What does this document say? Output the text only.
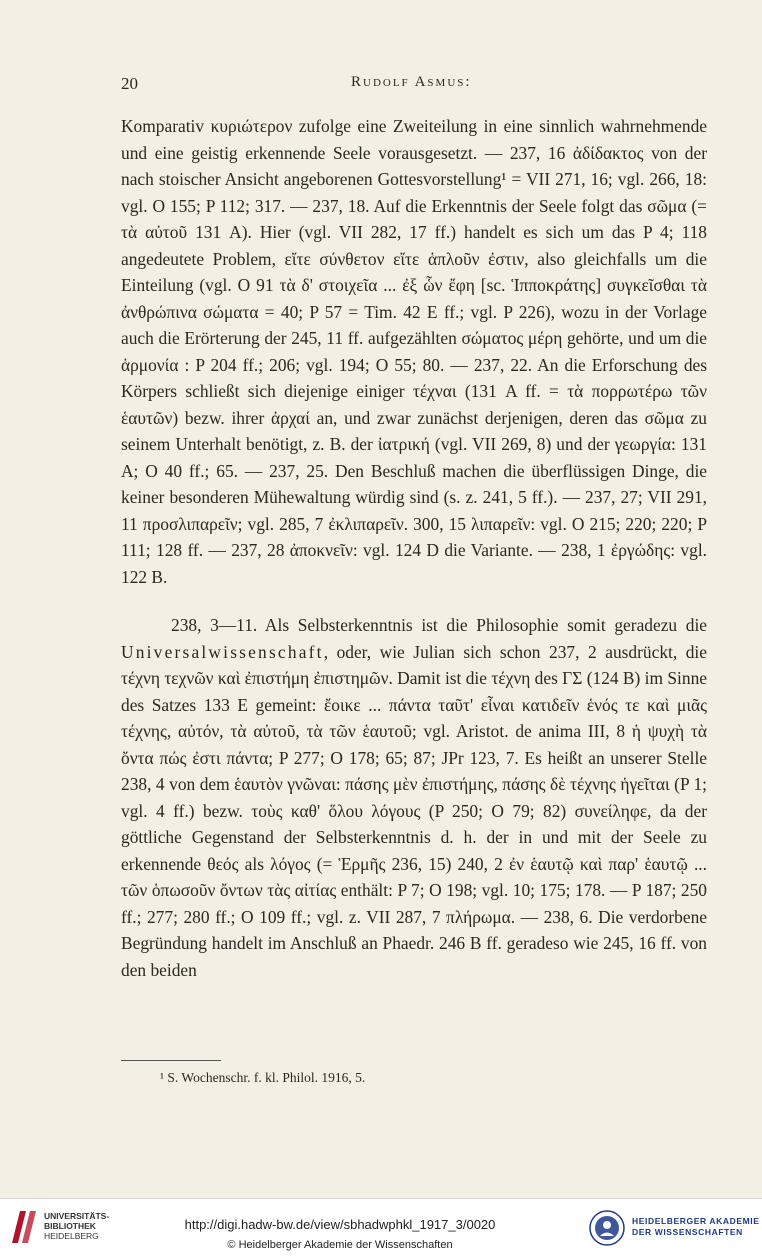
20	Rudolf Asmus:

Komparativ κυριώτερον zufolge eine Zweiteilung in eine sinnlich wahrnehmende und eine geistig erkennende Seele vorausgesetzt. — 237, 16 ἀδίδακτος von der nach stoischer Ansicht angeborenen Gottesvorstellung¹ = VII 271, 16; vgl. 266, 18: vgl. O 155; P 112; 317. — 237, 18. Auf die Erkenntnis der Seele folgt das σῶμα (= τὰ αὐτοῦ 131 A). Hier (vgl. VII 282, 17 ff.) handelt es sich um das P 4; 118 angedeutete Problem, εἴτε σύνθετον εἴτε ἁπλοῦν ἐστιν, also gleichfalls um die Einteilung (vgl. O 91 τὰ δ' στοιχεῖα ... ἐξ ὧν ἔφη [sc. Ἱπποκράτης] συγκεῖσθαι τὰ ἀνθρώπινα σώματα = 40; P 57 = Tim. 42 E ff.; vgl. P 226), wozu in der Vorlage auch die Erörterung der 245, 11 ff. aufgezählten σώματος μέρη gehörte, und um die ἁρμονία : P 204 ff.; 206; vgl. 194; O 55; 80. — 237, 22. An die Erforschung des Körpers schließt sich diejenige einiger τέχναι (131 A ff. = τὰ πορρωτέρω τῶν ἑαυτῶν) bezw. ihrer ἀρχαί an, und zwar zunächst derjenigen, deren das σῶμα zu seinem Unterhalt benötigt, z. B. der ἰατρική (vgl. VII 269, 8) und der γεωργία: 131 A; O 40 ff.; 65. — 237, 25. Den Beschluß machen die überflüssigen Dinge, die keiner besonderen Mühewaltung würdig sind (s. z. 241, 5 ff.). — 237, 27; VII 291, 11 προσλιπαρεῖν; vgl. 285, 7 ἐκλιπαρεῖν. 300, 15 λιπαρεῖν: vgl. O 215; 220; 220; P 111; 128 ff. — 237, 28 ἀποκνεῖν: vgl. 124 D die Variante. — 238, 1 ἐργώδης: vgl. 122 B.

238, 3—11. Als Selbsterkenntnis ist die Philosophie somit geradezu die Universalwissenschaft, oder, wie Julian sich schon 237, 2 ausdrückt, die τέχνη τεχνῶν καὶ ἐπιστήμη ἐπιστημῶν. Damit ist die τέχνη des ΓΣ (124 B) im Sinne des Satzes 133 E gemeint: ἔοικε ... πάντα ταῦτ' εἶναι κατιδεῖν ἑνός τε καὶ μιᾶς τέχνης, αὐτόν, τὰ αὐτοῦ, τὰ τῶν ἑαυτοῦ; vgl. Aristot. de anima III, 8 ἡ ψυχὴ τὰ ὄντα πώς ἐστι πάντα; P 277; O 178; 65; 87; JPr 123, 7. Es heißt an unserer Stelle 238, 4 von dem ἑαυτὸν γνῶναι: πάσης μὲν ἐπιστήμης, πάσης δὲ τέχνης ἡγεῖται (P 1; vgl. 4 ff.) bezw. τοὺς καθ' ὅλου λόγους (P 250; O 79; 82) συνείληφε, da der göttliche Gegenstand der Selbsterkenntnis d. h. der in und mit der Seele zu erkennende θεός als λόγος (= Ἑρμῆς 236, 15) 240, 2 ἐν ἑαυτῷ καὶ παρ' ἑαυτῷ ... τῶν ὁπωσοῦν ὄντων τὰς αἰτίας enthält: P 7; O 198; vgl. 10; 175; 178. — P 187; 250 ff.; 277; 280 ff.; O 109 ff.; vgl. z. VII 287, 7 πλήρωμα. — 238, 6. Die verdorbene Begründung handelt im Anschluß an Phaedr. 246 B ff. geradeso wie 245, 16 ff. von den beiden

¹ S. Wochenschr. f. kl. Philol. 1916, 5.
UNIVERSITÄTS-
BIBLIOTHEK
HEIDELBERG
http://digi.hadw-bw.de/view/sbhadwphkl_1917_3/0020
© Heidelberger Akademie der Wissenschaften
HEIDELBERGER AKADEMIE
DER WISSENSCHAFTEN
